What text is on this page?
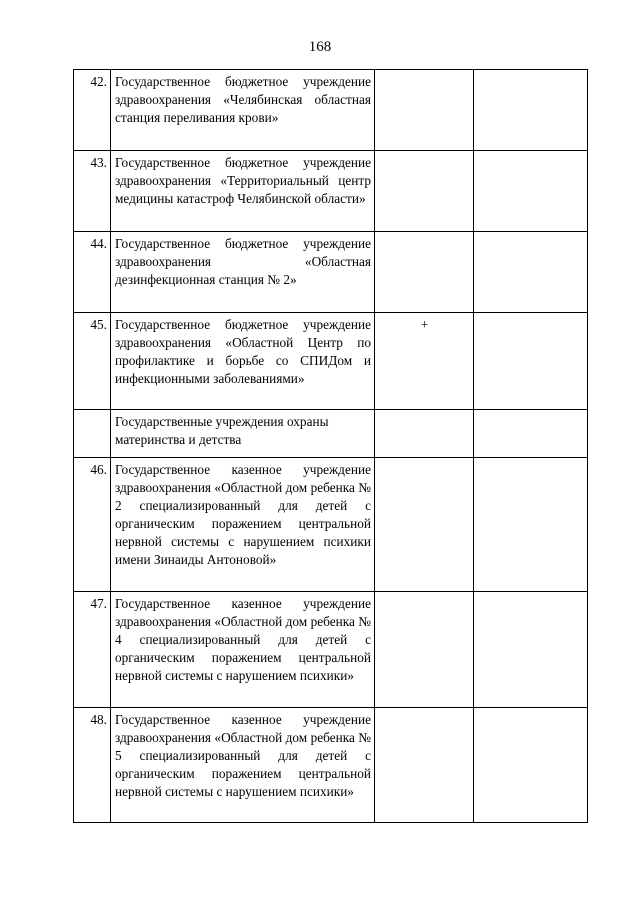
168
42.	Государственное бюджетное учреждение здравоохранения «Челябинская областная станция переливания крови»		
43.	Государственное бюджетное учреждение здравоохранения «Территориальный центр медицины катастроф Челябинской области»		
44.	Государственное бюджетное учреждение здравоохранения «Областная дезинфекционная станция № 2»		
45.	Государственное бюджетное учреждение здравоохранения «Областной Центр по профилактике и борьбе со СПИДом и инфекционными заболеваниями»	+	
	Государственные учреждения охраны материнства и детства		
46.	Государственное казенное учреждение здравоохранения «Областной дом ребенка № 2 специализированный для детей с органическим поражением центральной нервной системы с нарушением психики имени Зинаиды Антоновой»		
47.	Государственное казенное учреждение здравоохранения «Областной дом ребенка № 4 специализированный для детей с органическим поражением центральной нервной системы с нарушением психики»		
48.	Государственное казенное учреждение здравоохранения «Областной дом ребенка № 5 специализированный для детей с органическим поражением центральной нервной системы с нарушением психики»		
